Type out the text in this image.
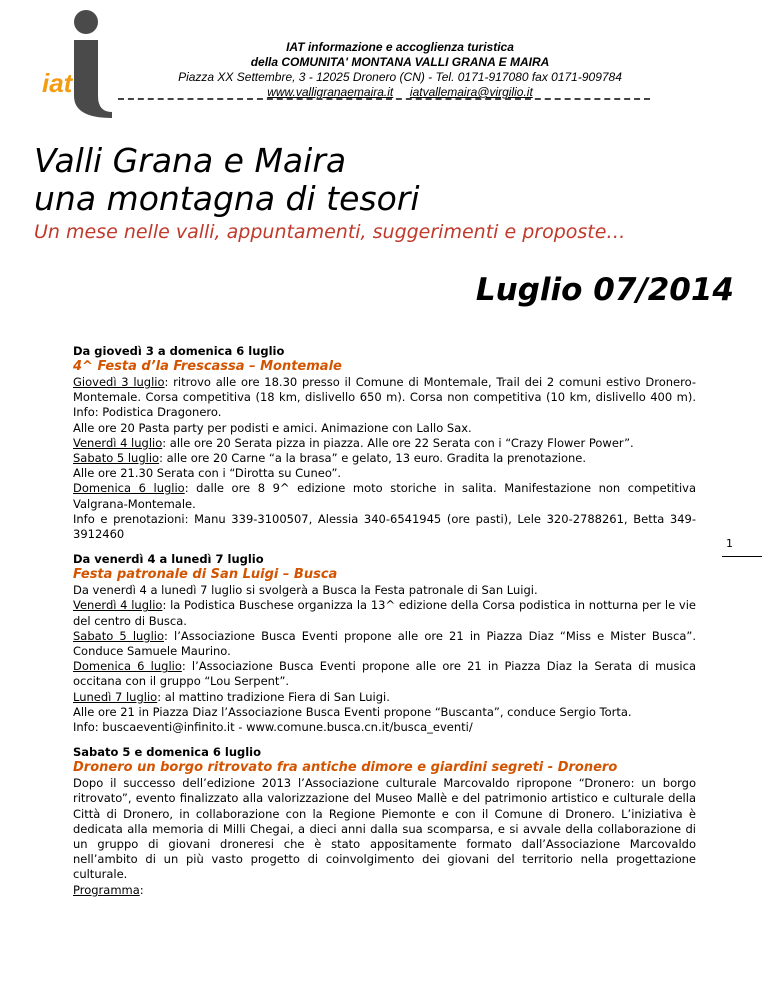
iat
IAT informazione e accoglienza turistica
della COMUNITA' MONTANA VALLI GRANA E MAIRA
Piazza XX Settembre, 3 - 12025 Dronero (CN) - Tel. 0171-917080 fax 0171-909784
www.valligranaemaira.it iatvallemaira@virgilio.it
Valli Grana e Maira
una montagna di tesori

Un mese nelle valli, appuntamenti, suggerimenti e proposte…

Luglio 07/2014
1
Da giovedì 3 a domenica 6 luglio
4^ Festa d’la Frescassa – Montemale
Giovedì 3 luglio: ritrovo alle ore 18.30 presso il Comune di Montemale, Trail dei 2 comuni estivo Dronero-Montemale. Corsa competitiva (18 km, dislivello 650 m). Corsa non competitiva (10 km, dislivello 400 m). Info: Podistica Dragonero.
Alle ore 20 Pasta party per podisti e amici. Animazione con Lallo Sax.
Venerdì 4 luglio: alle ore 20 Serata pizza in piazza. Alle ore 22 Serata con i “Crazy Flower Power”.
Sabato 5 luglio: alle ore 20 Carne “a la brasa” e gelato, 13 euro. Gradita la prenotazione.
Alle ore 21.30 Serata con i “Dirotta su Cuneo”.
Domenica 6 luglio: dalle ore 8 9^ edizione moto storiche in salita. Manifestazione non competitiva Valgrana-Montemale.
Info e prenotazioni: Manu 339-3100507, Alessia 340-6541945 (ore pasti), Lele 320-2788261, Betta 349-3912460
Da venerdì 4 a lunedì 7 luglio
Festa patronale di San Luigi – Busca
Da venerdì 4 a lunedì 7 luglio si svolgerà a Busca la Festa patronale di San Luigi.
Venerdì 4 luglio: la Podistica Buschese organizza la 13^ edizione della Corsa podistica in notturna per le vie del centro di Busca.
Sabato 5 luglio: l’Associazione Busca Eventi propone alle ore 21 in Piazza Diaz “Miss e Mister Busca”. Conduce Samuele Maurino.
Domenica 6 luglio: l’Associazione Busca Eventi propone alle ore 21 in Piazza Diaz la Serata di musica occitana con il gruppo “Lou Serpent”.
Lunedì 7 luglio: al mattino tradizione Fiera di San Luigi.
Alle ore 21 in Piazza Diaz l’Associazione Busca Eventi propone “Buscanta”, conduce Sergio Torta.
Info: buscaeventi@infinito.it - www.comune.busca.cn.it/busca_eventi/
Sabato 5 e domenica 6 luglio
Dronero un borgo ritrovato fra antiche dimore e giardini segreti - Dronero
Dopo il successo dell’edizione 2013 l’Associazione culturale Marcovaldo ripropone “Dronero: un borgo ritrovato”, evento finalizzato alla valorizzazione del Museo Mallè e del patrimonio artistico e culturale della Città di Dronero, in collaborazione con la Regione Piemonte e con il Comune di Dronero. L’iniziativa è dedicata alla memoria di Milli Chegai, a dieci anni dalla sua scomparsa, e si avvale della collaborazione di un gruppo di giovani droneresi che è stato appositamente formato dall’Associazione Marcovaldo nell’ambito di un più vasto progetto di coinvolgimento dei giovani del territorio nella progettazione culturale.
Programma:
